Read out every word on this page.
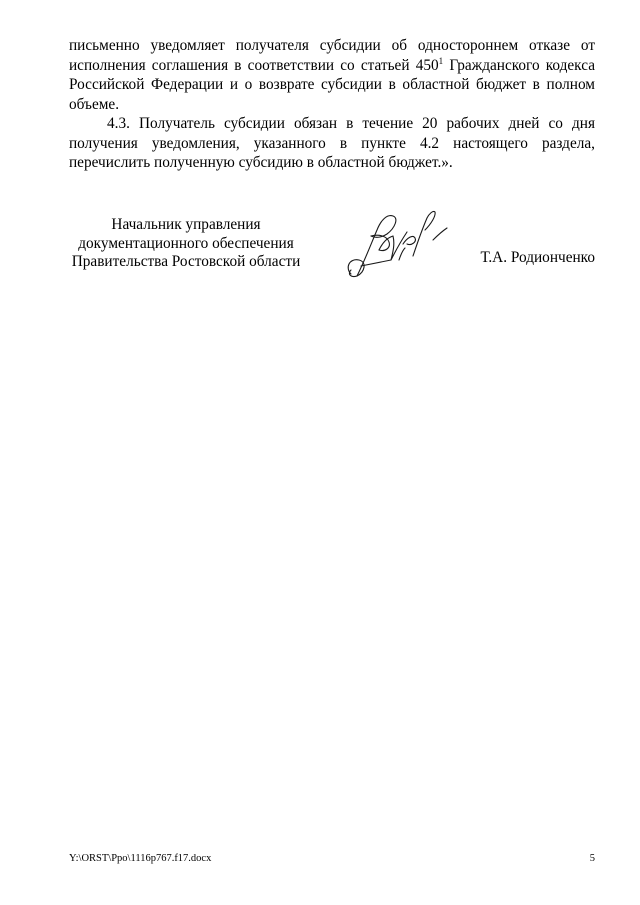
письменно уведомляет получателя субсидии об одностороннем отказе от исполнения соглашения в соответствии со статьей $450^1$ Гражданского кодекса Российской Федерации и о возврате субсидии в областной бюджет в полном объеме.

4.3. Получатель субсидии обязан в течение 20 рабочих дней со дня получения уведомления, указанного в пункте 4.2 настоящего раздела, перечислить полученную субсидию в областной бюджет.».

Начальник управления
документационного обеспечения
Правительства Ростовской области	Т.А. Родионченко
Y:\ORST\Ppo\1116p767.f17.docx	5
